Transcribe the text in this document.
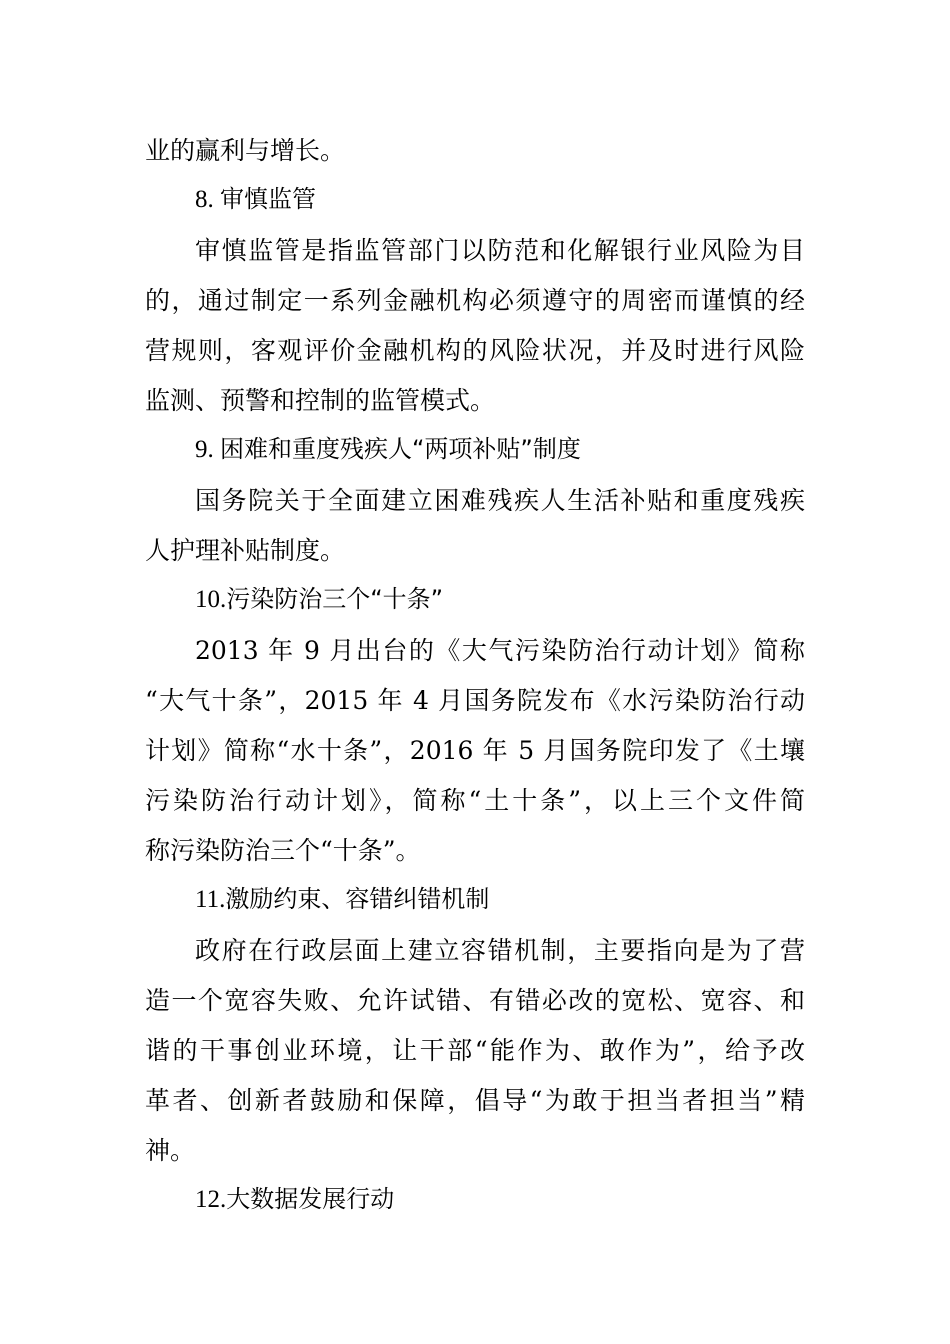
业的赢利与增长。
8. 审慎监管
审慎监管是指监管部门以防范和化解银行业风险为目
的，通过制定一系列金融机构必须遵守的周密而谨慎的经
营规则，客观评价金融机构的风险状况，并及时进行风险
监测、预警和控制的监管模式。
9. 困难和重度残疾人“两项补贴”制度
国务院关于全面建立困难残疾人生活补贴和重度残疾
人护理补贴制度。
10.污染防治三个“十条”
2013 年 9 月出台的《大气污染防治行动计划》简称
“大气十条”，2015 年 4 月国务院发布《水污染防治行动
计划》简称“水十条”，2016 年 5 月国务院印发了《土壤
污染防治行动计划》，简称“土十条”，以上三个文件简
称污染防治三个“十条”。
11.激励约束、容错纠错机制
政府在行政层面上建立容错机制，主要指向是为了营
造一个宽容失败、允许试错、有错必改的宽松、宽容、和
谐的干事创业环境，让干部“能作为、敢作为”，给予改
革者、创新者鼓励和保障，倡导“为敢于担当者担当”精
神。
12.大数据发展行动
